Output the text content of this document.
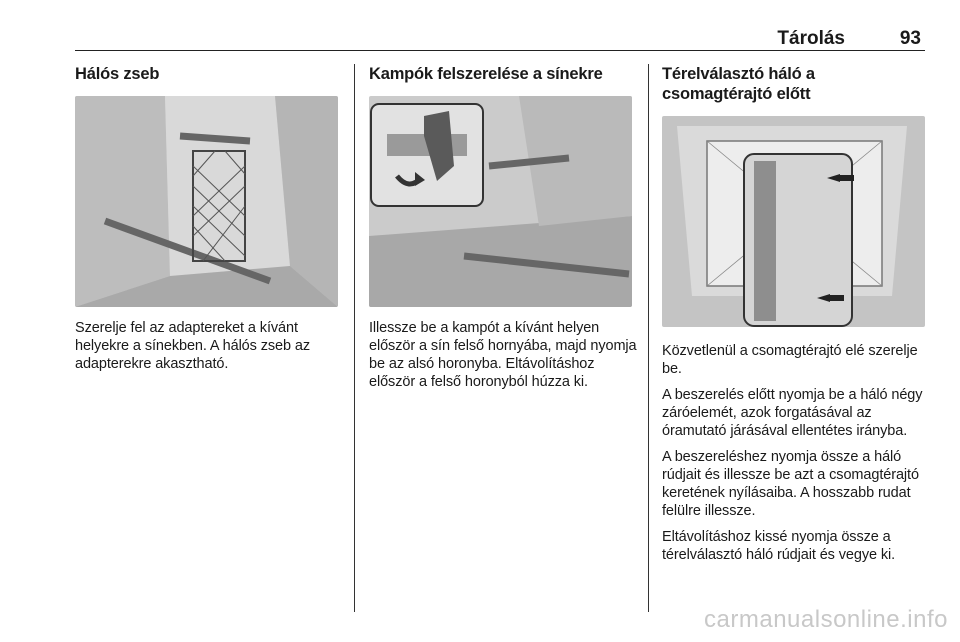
Tárolás	93
Hálós zseb

Szerelje fel az adaptereket a kívánt helyekre a sínekben. A hálós zseb az adapterekre akasztható.

Kampók felszerelése a sínekre

Illessze be a kampót a kívánt helyen először a sín felső hornyába, majd nyomja be az alsó horonyba. Eltávolításhoz először a felső horonyból húzza ki.

Térelválasztó háló a csomagtérajtó előtt

Közvetlenül a csomagtérajtó elé szerelje be.

A beszerelés előtt nyomja be a háló négy záróelemét, azok forgatásával az óramutató járásával ellentétes irányba.

A beszereléshez nyomja össze a háló rúdjait és illessze be azt a csomagtérajtó keretének nyílásaiba. A hosszabb rudat felülre illessze.

Eltávolításhoz kissé nyomja össze a térelválasztó háló rúdjait és vegye ki.

carmanualsonline.info
